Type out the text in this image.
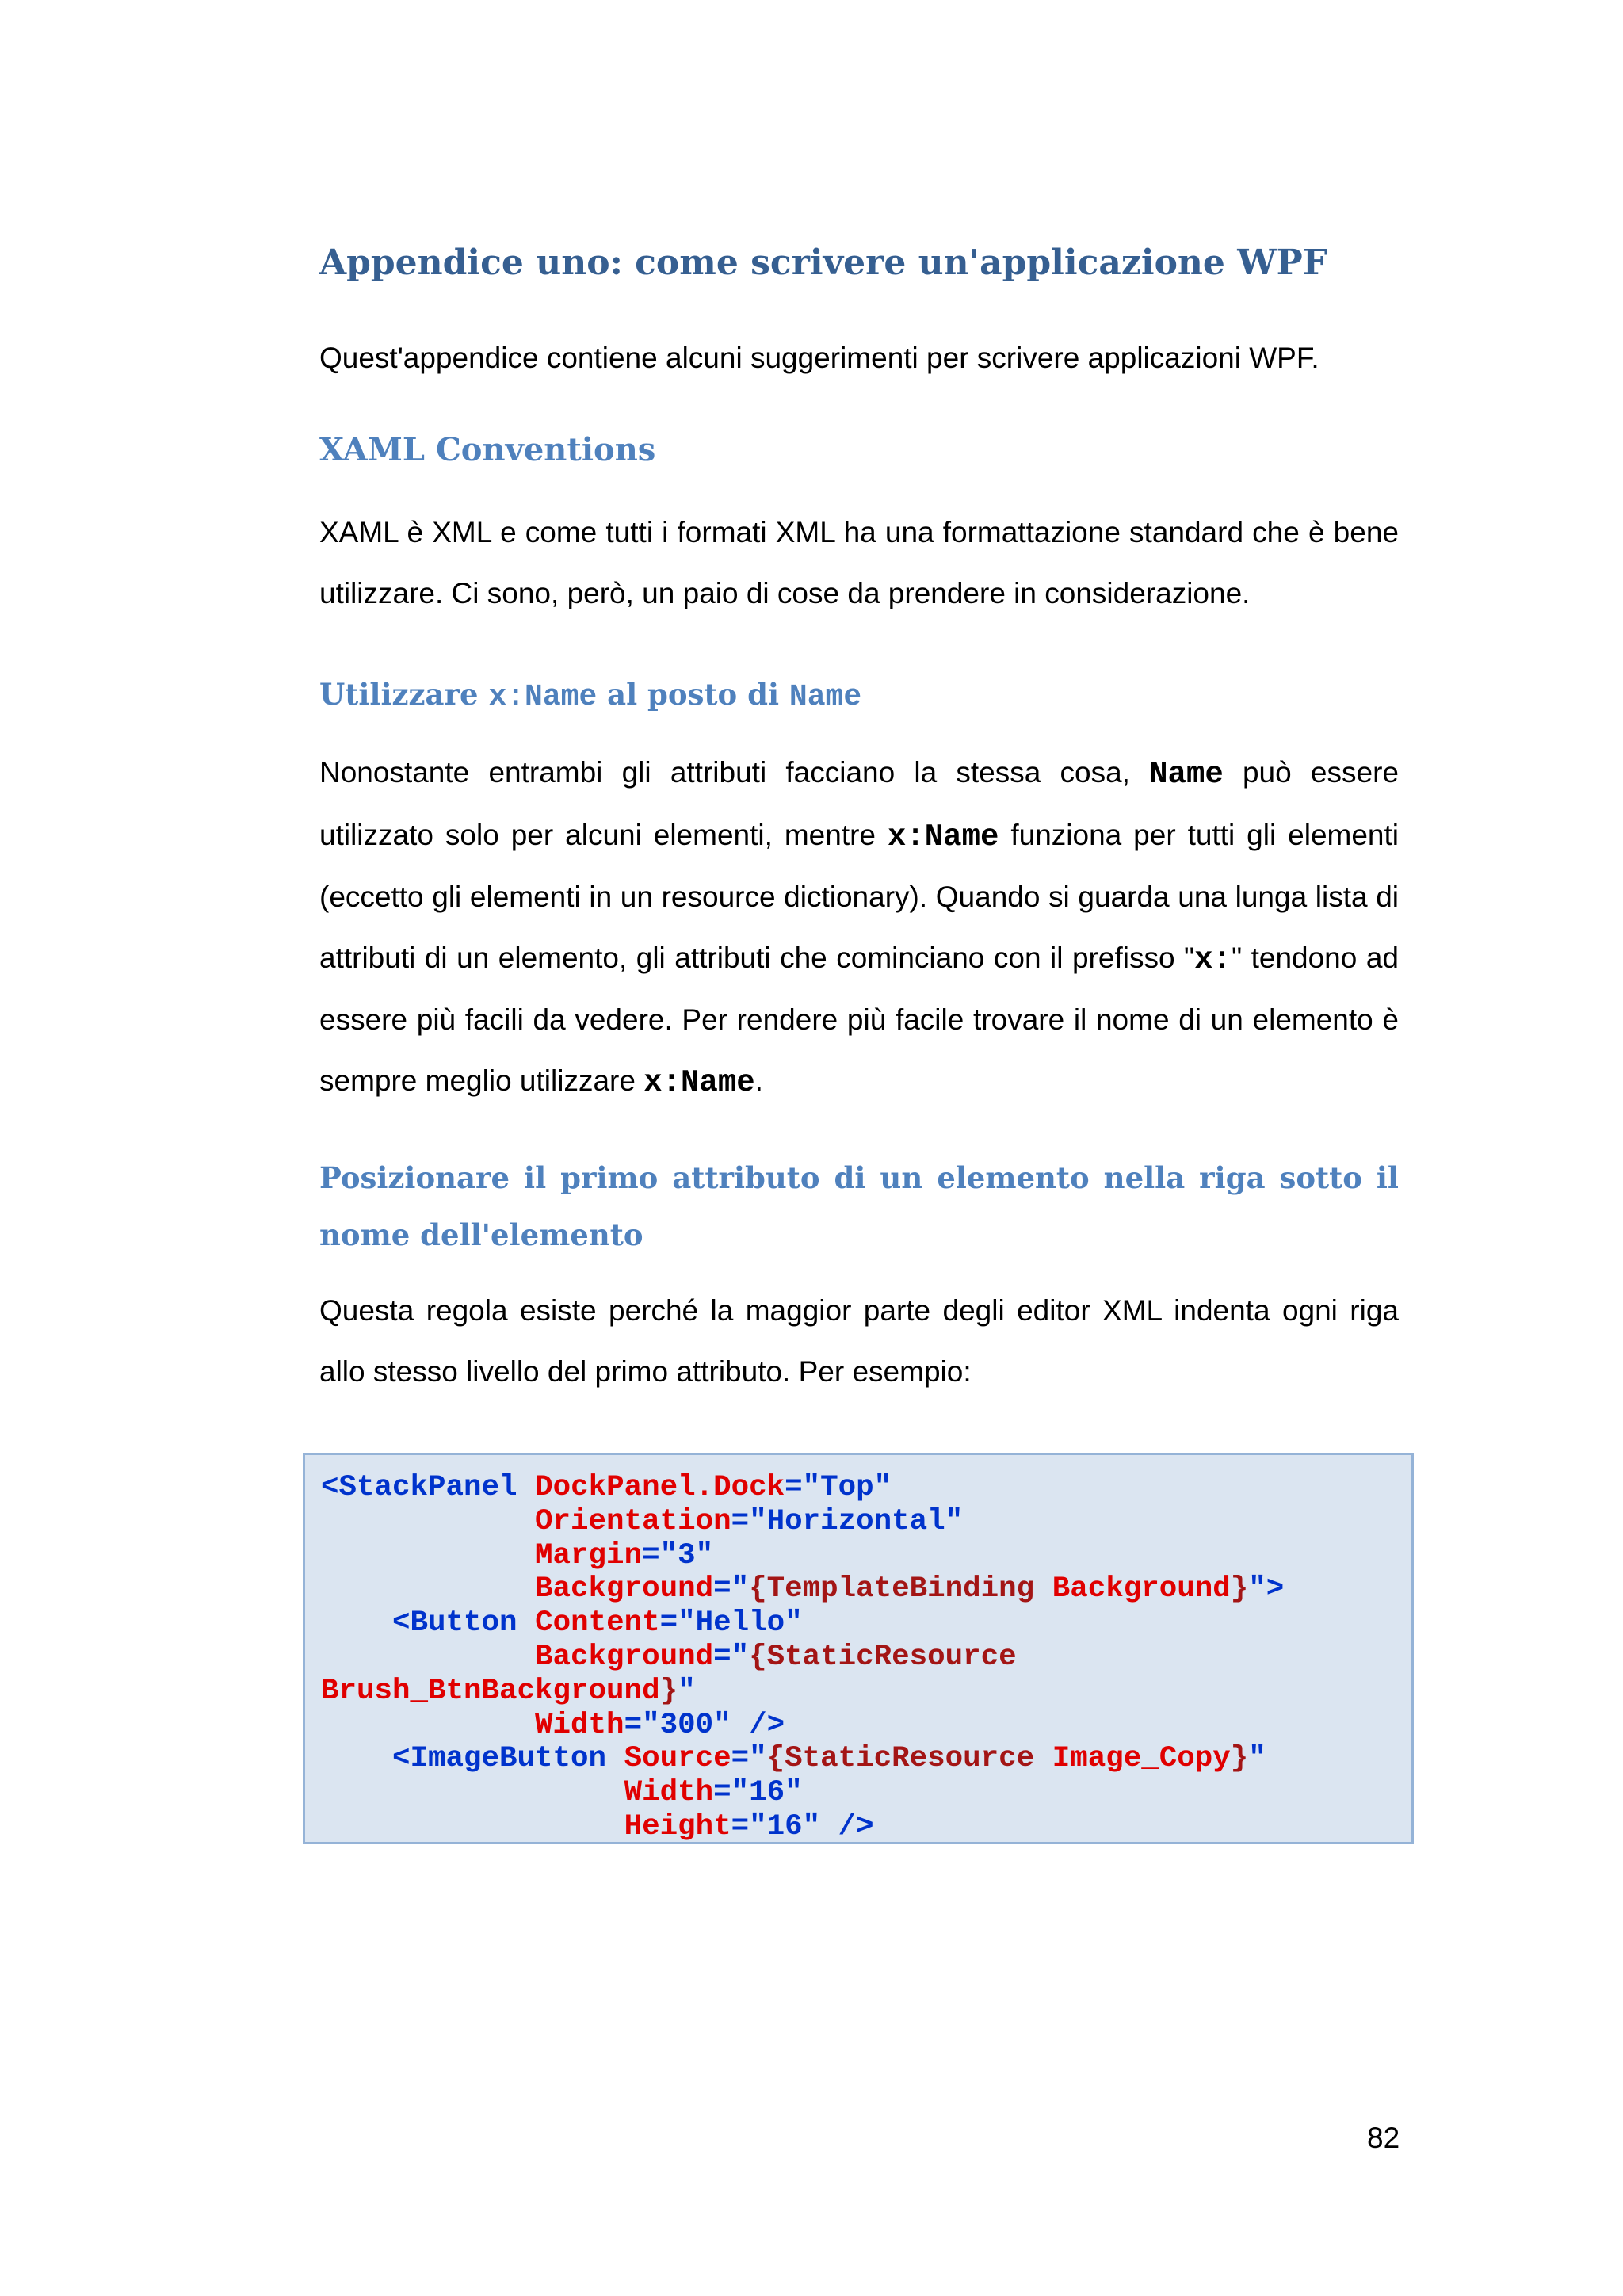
Appendice uno: come scrivere un'applicazione WPF

Quest'appendice contiene alcuni suggerimenti per scrivere applicazioni WPF.

XAML Conventions

XAML è XML e come tutti i formati XML ha una formattazione standard che è bene utilizzare. Ci sono, però, un paio di cose da prendere in considerazione.

Utilizzare x:Name al posto di Name

Nonostante entrambi gli attributi facciano la stessa cosa, Name può essere utilizzato solo per alcuni elementi, mentre x:Name funziona per tutti gli elementi (eccetto gli elementi in un resource dictionary). Quando si guarda una lunga lista di attributi di un elemento, gli attributi che cominciano con il prefisso "x:" tendono ad essere più facili da vedere. Per rendere più facile trovare il nome di un elemento è sempre meglio utilizzare x:Name.

Posizionare il primo attributo di un elemento nella riga sotto il nome dell'elemento

Questa regola esiste perché la maggior parte degli editor XML indenta ogni riga allo stesso livello del primo attributo. Per esempio:

<StackPanel DockPanel.Dock="Top"
Orientation="Horizontal"
Margin="3"
Background="{TemplateBinding Background}">
<Button Content="Hello"
Background="{StaticResource
Brush_BtnBackground}"
Width="300" />
<ImageButton Source="{StaticResource Image_Copy}"
Width="16"
Height="16" />

82
